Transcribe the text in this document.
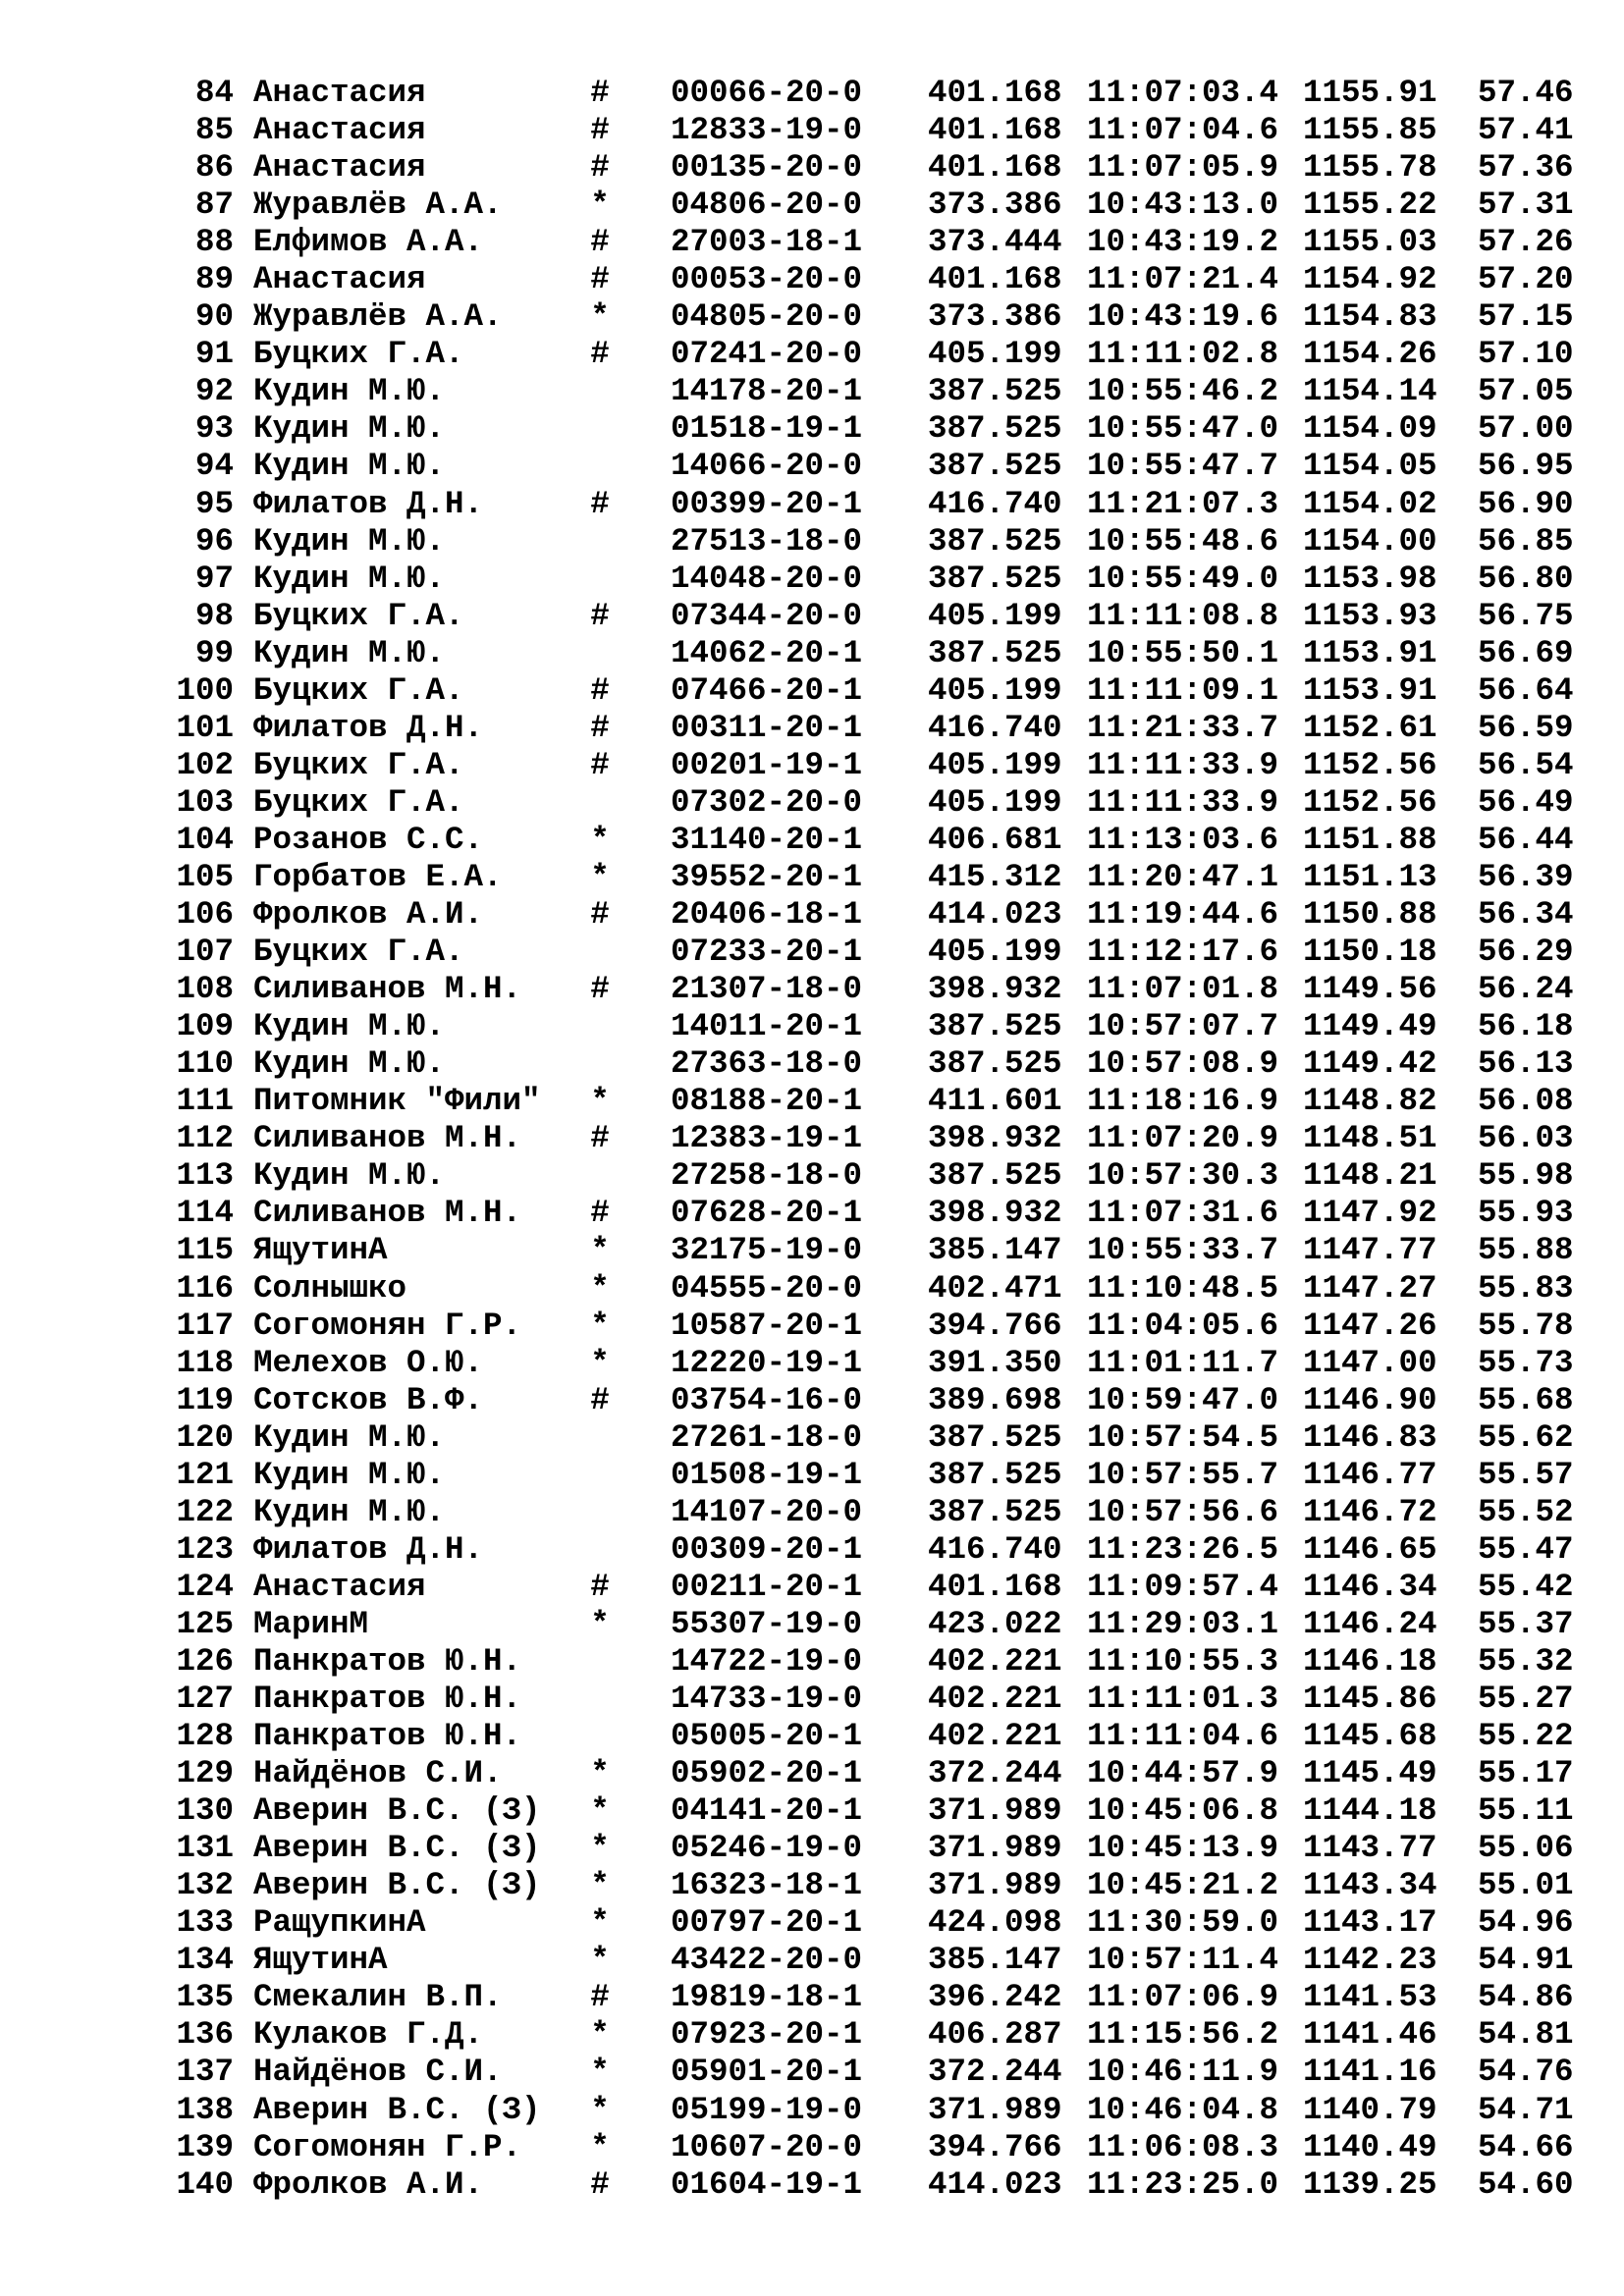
84 Анастасия	# 00066-20-0 401.168 11:07:03.4 1155.91 57.46
85 Анастасия	# 12833-19-0 401.168 11:07:04.6 1155.85 57.41
86 Анастасия	# 00135-20-0 401.168 11:07:05.9 1155.78 57.36
87 Журавлёв А.А.	* 04806-20-0 373.386 10:43:13.0 1155.22 57.31
88 Елфимов А.А.	# 27003-18-1 373.444 10:43:19.2 1155.03 57.26
89 Анастасия	# 00053-20-0 401.168 11:07:21.4 1154.92 57.20
90 Журавлёв А.А.	* 04805-20-0 373.386 10:43:19.6 1154.83 57.15
91 Буцких Г.А.	# 07241-20-0 405.199 11:11:02.8 1154.26 57.10
92 Кудин М.Ю.	14178-20-1 387.525 10:55:46.2 1154.14 57.05
93 Кудин М.Ю.	01518-19-1 387.525 10:55:47.0 1154.09 57.00
94 Кудин М.Ю.	14066-20-0 387.525 10:55:47.7 1154.05 56.95
95 Филатов Д.Н.	# 00399-20-1 416.740 11:21:07.3 1154.02 56.90
96 Кудин М.Ю.	27513-18-0 387.525 10:55:48.6 1154.00 56.85
97 Кудин М.Ю.	14048-20-0 387.525 10:55:49.0 1153.98 56.80
98 Буцких Г.А.	# 07344-20-0 405.199 11:11:08.8 1153.93 56.75
99 Кудин М.Ю.	14062-20-1 387.525 10:55:50.1 1153.91 56.69
100 Буцких Г.А.	# 07466-20-1 405.199 11:11:09.1 1153.91 56.64
101 Филатов Д.Н.	# 00311-20-1 416.740 11:21:33.7 1152.61 56.59
102 Буцких Г.А.	# 00201-19-1 405.199 11:11:33.9 1152.56 56.54
103 Буцких Г.А.	07302-20-0 405.199 11:11:33.9 1152.56 56.49
104 Розанов С.С.	* 31140-20-1 406.681 11:13:03.6 1151.88 56.44
105 Горбатов Е.А.	* 39552-20-1 415.312 11:20:47.1 1151.13 56.39
106 Фролков А.И.	# 20406-18-1 414.023 11:19:44.6 1150.88 56.34
107 Буцких Г.А.	07233-20-1 405.199 11:12:17.6 1150.18 56.29
108 Силиванов М.Н. # 21307-18-0 398.932 11:07:01.8 1149.56 56.24
109 Кудин М.Ю.	14011-20-1 387.525 10:57:07.7 1149.49 56.18
110 Кудин М.Ю.	27363-18-0 387.525 10:57:08.9 1149.42 56.13
111 Питомник "Фили" * 08188-20-1 411.601 11:18:16.9 1148.82 56.08
112 Силиванов М.Н. # 12383-19-1 398.932 11:07:20.9 1148.51 56.03
113 Кудин М.Ю.	27258-18-0 387.525 10:57:30.3 1148.21 55.98
114 Силиванов М.Н. # 07628-20-1 398.932 11:07:31.6 1147.92 55.93
115 ЯщутинА	* 32175-19-0 385.147 10:55:33.7 1147.77 55.88
116 Солнышко	* 04555-20-0 402.471 11:10:48.5 1147.27 55.83
117 Согомонян Г.Р. * 10587-20-1 394.766 11:04:05.6 1147.26 55.78
118 Мелехов О.Ю.	* 12220-19-1 391.350 11:01:11.7 1147.00 55.73
119 Сотсков В.Ф.	# 03754-16-0 389.698 10:59:47.0 1146.90 55.68
120 Кудин М.Ю.	27261-18-0 387.525 10:57:54.5 1146.83 55.62
121 Кудин М.Ю.	01508-19-1 387.525 10:57:55.7 1146.77 55.57
122 Кудин М.Ю.	14107-20-0 387.525 10:57:56.6 1146.72 55.52
123 Филатов Д.Н.	00309-20-1 416.740 11:23:26.5 1146.65 55.47
124 Анастасия	# 00211-20-1 401.168 11:09:57.4 1146.34 55.42
125 МаринМ	* 55307-19-0 423.022 11:29:03.1 1146.24 55.37
126 Панкратов Ю.Н.	14722-19-0 402.221 11:10:55.3 1146.18 55.32
127 Панкратов Ю.Н.	14733-19-0 402.221 11:11:01.3 1145.86 55.27
128 Панкратов Ю.Н.	05005-20-1 402.221 11:11:04.6 1145.68 55.22
129 Найдёнов С.И.	* 05902-20-1 372.244 10:44:57.9 1145.49 55.17
130 Аверин В.С. (З) * 04141-20-1 371.989 10:45:06.8 1144.18 55.11
131 Аверин В.С. (З) * 05246-19-0 371.989 10:45:13.9 1143.77 55.06
132 Аверин В.С. (З) * 16323-18-1 371.989 10:45:21.2 1143.34 55.01
133 РащупкинА	* 00797-20-1 424.098 11:30:59.0 1143.17 54.96
134 ЯщутинА	* 43422-20-0 385.147 10:57:11.4 1142.23 54.91
135 Смекалин В.П.	# 19819-18-1 396.242 11:07:06.9 1141.53 54.86
136 Кулаков Г.Д.	* 07923-20-1 406.287 11:15:56.2 1141.46 54.81
137 Найдёнов С.И.	* 05901-20-1 372.244 10:46:11.9 1141.16 54.76
138 Аверин В.С. (З) * 05199-19-0 371.989 10:46:04.8 1140.79 54.71
139 Согомонян Г.Р. * 10607-20-0 394.766 11:06:08.3 1140.49 54.66
140 Фролков А.И.	# 01604-19-1 414.023 11:23:25.0 1139.25 54.60
